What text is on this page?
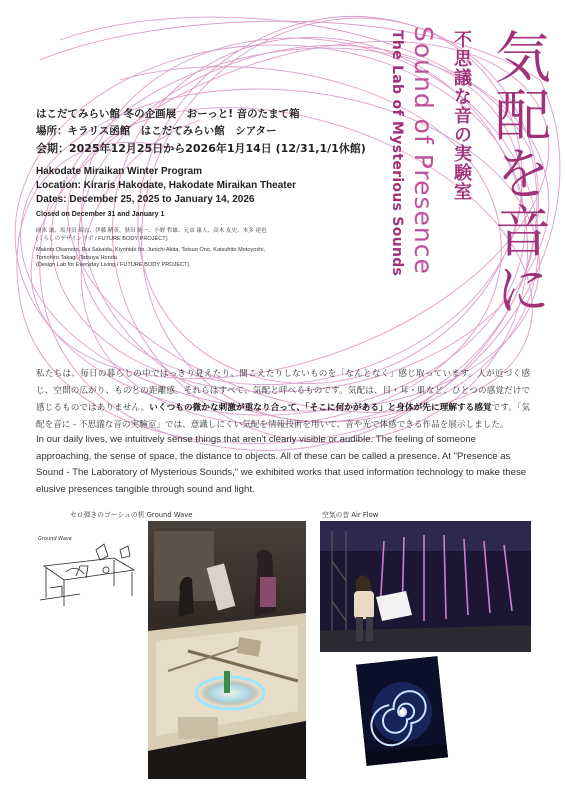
気配を音に
不思議な音の実験室
Sound of Presence
The Lab of Mysterious Sounds
はこだてみらい館 冬の企画展　おーっと! 音のたまて箱
場所：キラリス函館　はこだてみらい館　シアター
会期：2025年12月25日から2026年1月14日 (12/31,1/1休館)
Hakodate Miraikan Winter Program
Location: Kiraris Hakodate, Hakodate Miraikan Theater
Dates: December 25, 2025 to January 14, 2026
Closed on December 31 and January 1
岡本 誠、坂井田 瑠衣、伊藤 精英、秋田 純一、小野 哲雄、元由 康人、高木 友史、本多 達也
(くらしのデザインラボ / FUTURE BODY PROJECT)
Makoto Okamoto, Rui Sakaida, Kiyohide Ito, Junichi Akita, Tetsuo Ono, Katsuhito Motoyoshi,
Tomohiro Takagi, Tatsuya Honda
(Design Lab for Everyday Living / FUTURE BODY PROJECT)
私たちは、毎日の暮らしの中ではっきり見えたり、聞こえたりしないものを「なんとなく」感じ取っています。人が近づく感じ、空間の広がり、ものとの距離感。それらはすべて、気配と呼べるものです。気配は、目・耳・肌など、ひとつの感覚だけで感じるものではありません。いくつもの微かな刺激が重なり合って、「そこに何かがある」と身体が先に理解する感覚です。「気配を音に - 不思議な音の実験室」では、意識しにくい気配を情報技術を用いて、音や光で体感できる作品を展示しました。
In our daily lives, we intuitively sense things that aren't clearly visible or audible. The feeling of someone approaching, the sense of space, the distance to objects. All of these can be called a presence. At "Presence as Sound - The Laboratory of Mysterious Sounds," we exhibited works that used information technology to make these elusive presences tangible through sound and light.
セロ弾きのゴーシュの机 Ground Wave	空気の音 Air Flow
Ground Wave
